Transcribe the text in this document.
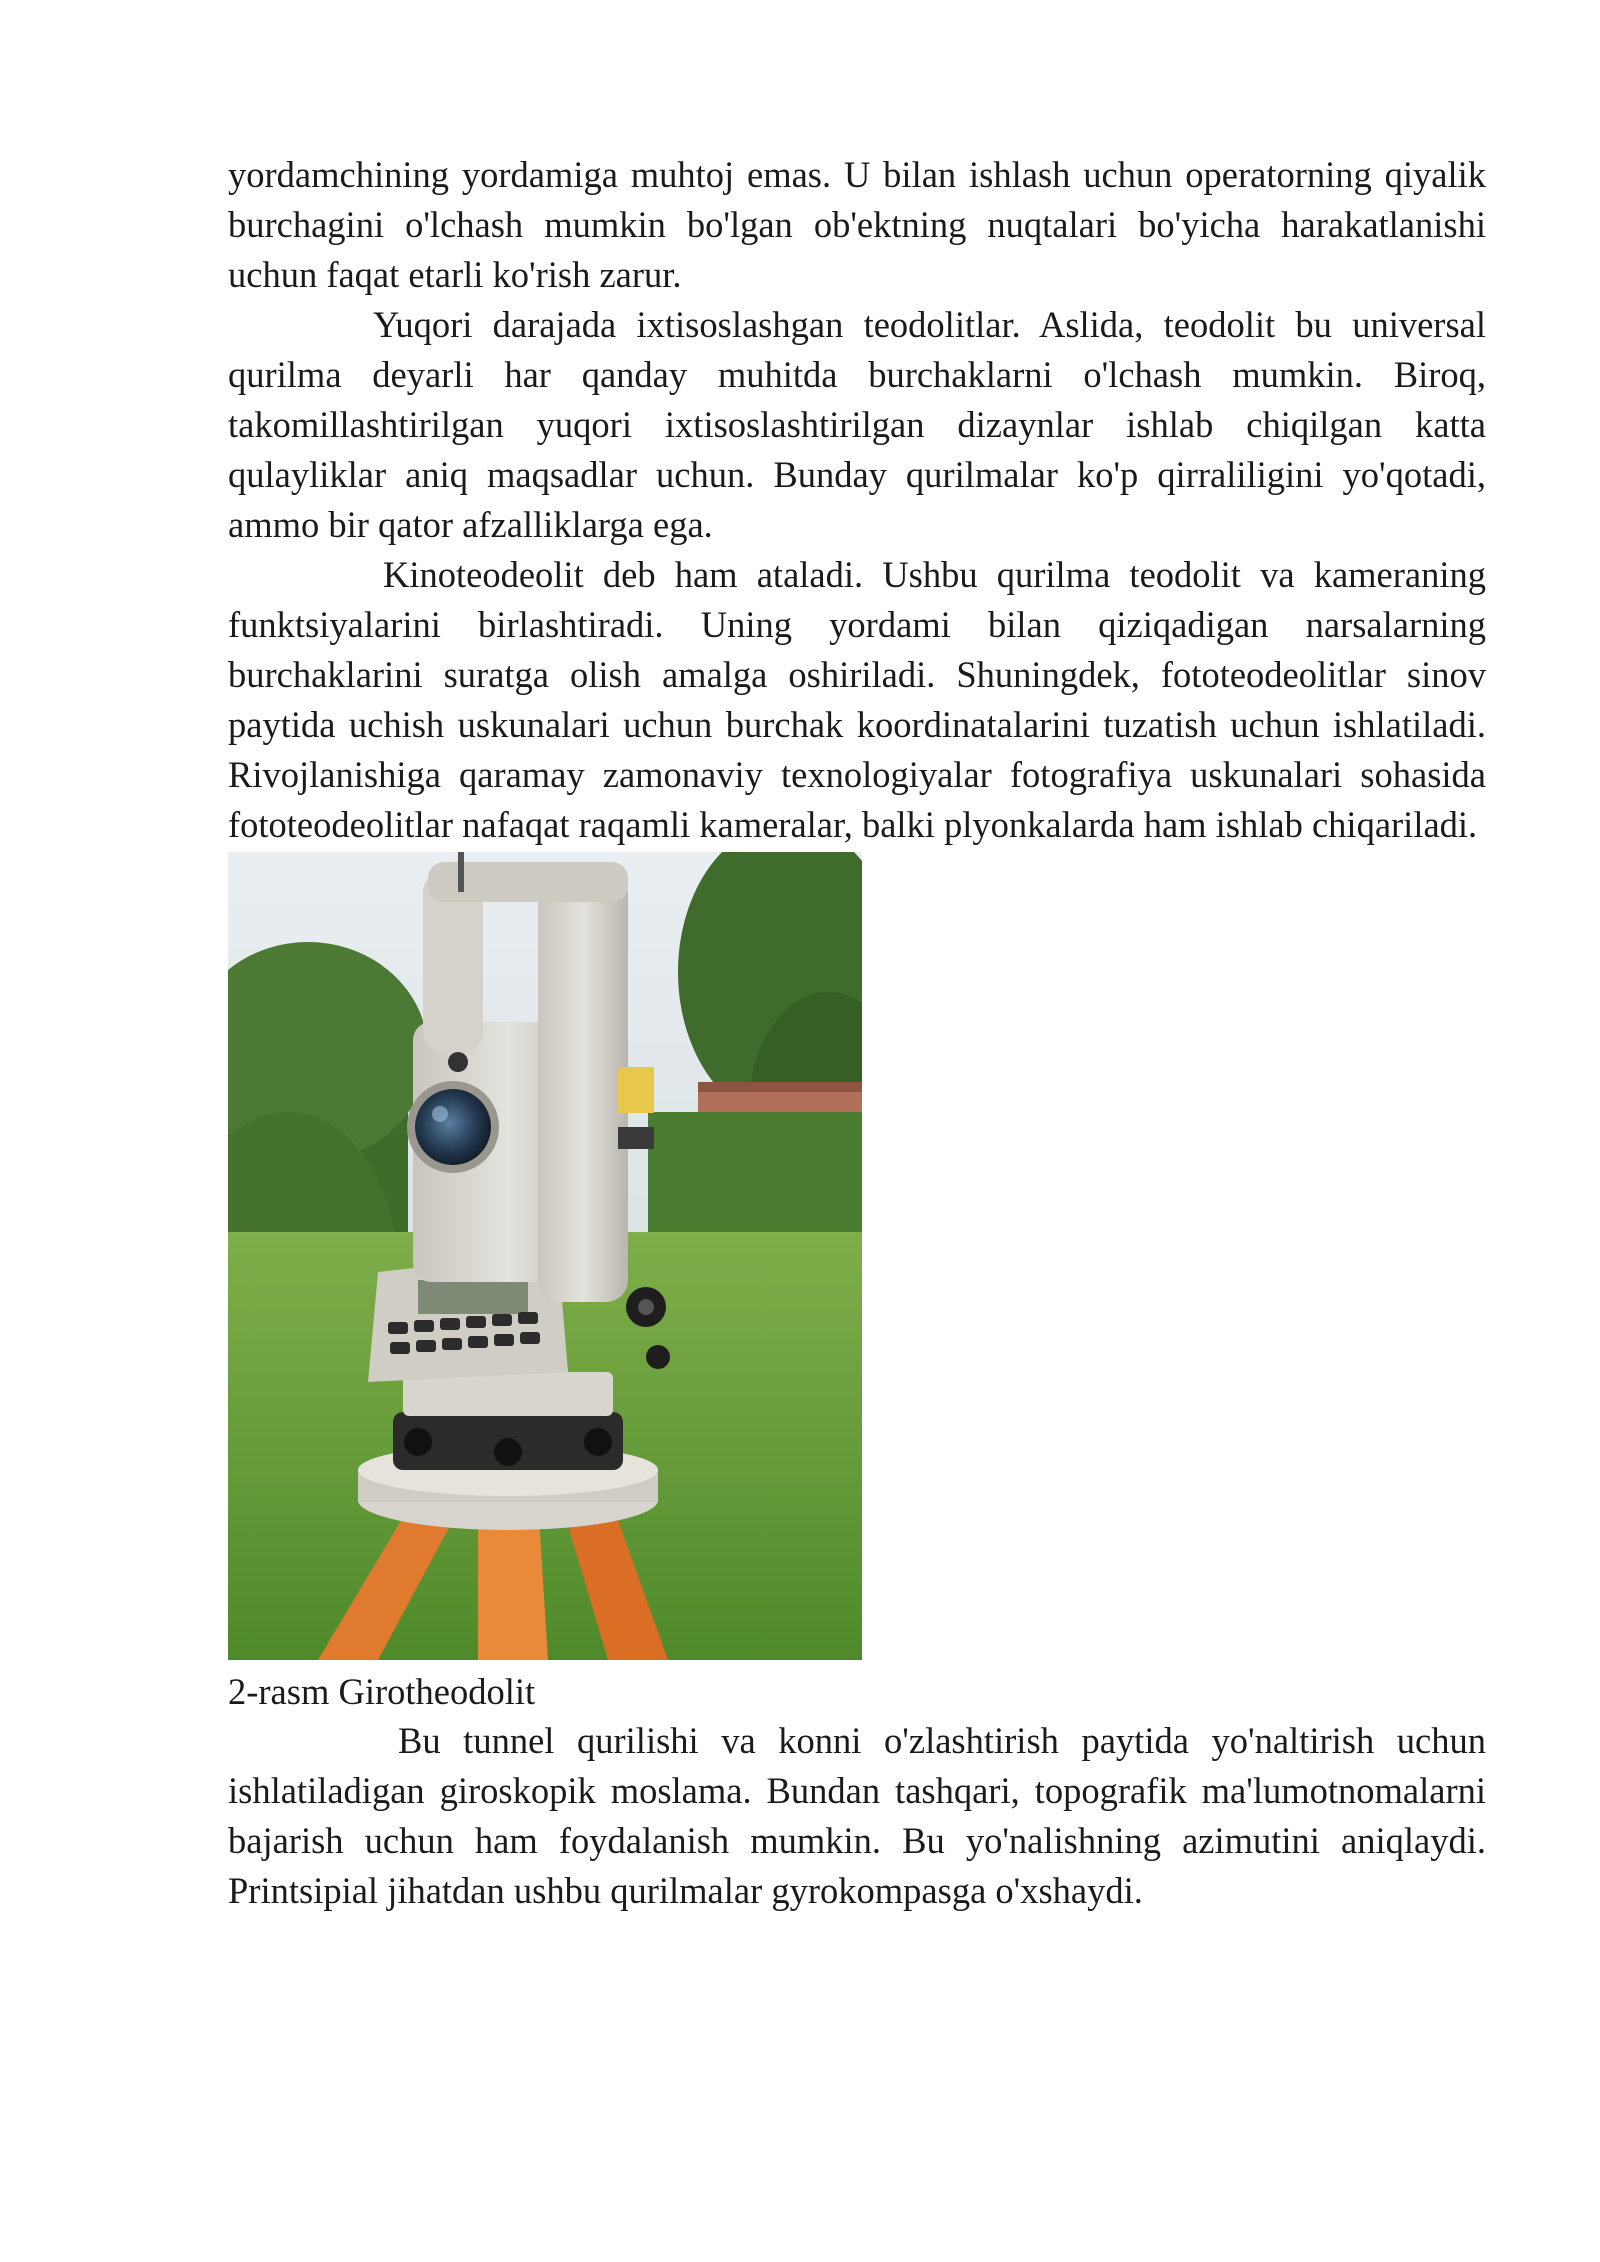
yordamchining yordamiga muhtoj emas. U bilan ishlash uchun operatorning qiyalik burchagini o'lchash mumkin bo'lgan ob'ektning nuqtalari bo'yicha harakatlanishi uchun faqat etarli ko'rish zarur.

Yuqori darajada ixtisoslashgan teodolitlar. Aslida, teodolit bu universal qurilma deyarli har qanday muhitda burchaklarni o'lchash mumkin. Biroq, takomillashtirilgan yuqori ixtisoslashtirilgan dizaynlar ishlab chiqilgan katta qulayliklar aniq maqsadlar uchun. Bunday qurilmalar ko'p qirraliligini yo'qotadi, ammo bir qator afzalliklarga ega.

Kinoteodeolit deb ham ataladi. Ushbu qurilma teodolit va kameraning funktsiyalarini birlashtiradi. Uning yordami bilan qiziqadigan narsalarning burchaklarini suratga olish amalga oshiriladi. Shuningdek, fototeodeolitlar sinov paytida uchish uskunalari uchun burchak koordinatalarini tuzatish uchun ishlatiladi. Rivojlanishiga qaramay zamonaviy texnologiyalar fotografiya uskunalari sohasida fototeodeolitlar nafaqat raqamli kameralar, balki plyonkalarda ham ishlab chiqariladi.

2-rasm Girotheodolit

Bu tunnel qurilishi va konni o'zlashtirish paytida yo'naltirish uchun ishlatiladigan giroskopik moslama. Bundan tashqari, topografik ma'lumotnomalarni bajarish uchun ham foydalanish mumkin. Bu yo'nalishning azimutini aniqlaydi. Printsipial jihatdan ushbu qurilmalar gyrokompasga o'xshaydi.
